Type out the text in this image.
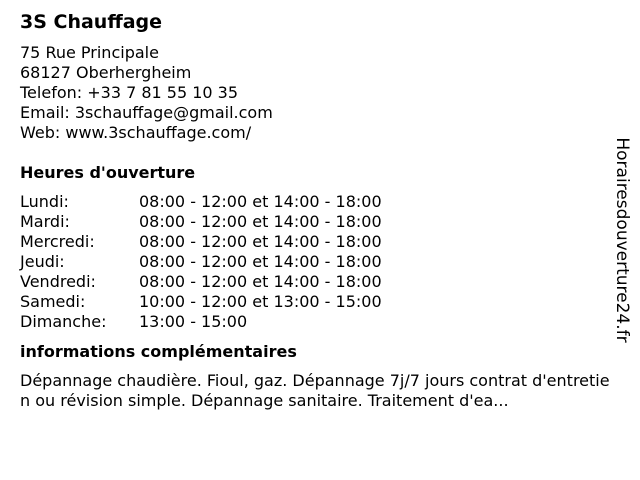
3S Chauffage
75 Rue Principale
68127 Oberhergheim
Telefon: +33 7 81 55 10 35
Email: 3schauffage@gmail.com
Web: www.3schauffage.com/
Heures d'ouverture
Lundi:	08:00 - 12:00 et 14:00 - 18:00
Mardi:	08:00 - 12:00 et 14:00 - 18:00
Mercredi:	08:00 - 12:00 et 14:00 - 18:00
Jeudi:	08:00 - 12:00 et 14:00 - 18:00
Vendredi:	08:00 - 12:00 et 14:00 - 18:00
Samedi:	10:00 - 12:00 et 13:00 - 15:00
Dimanche:	13:00 - 15:00
informations complémentaires
Dépannage chaudière. Fioul, gaz. Dépannage 7j/7 jours contrat d'entretien ou révision simple. Dépannage sanitaire. Traitement d'ea...
Horairesdouverture24.fr
